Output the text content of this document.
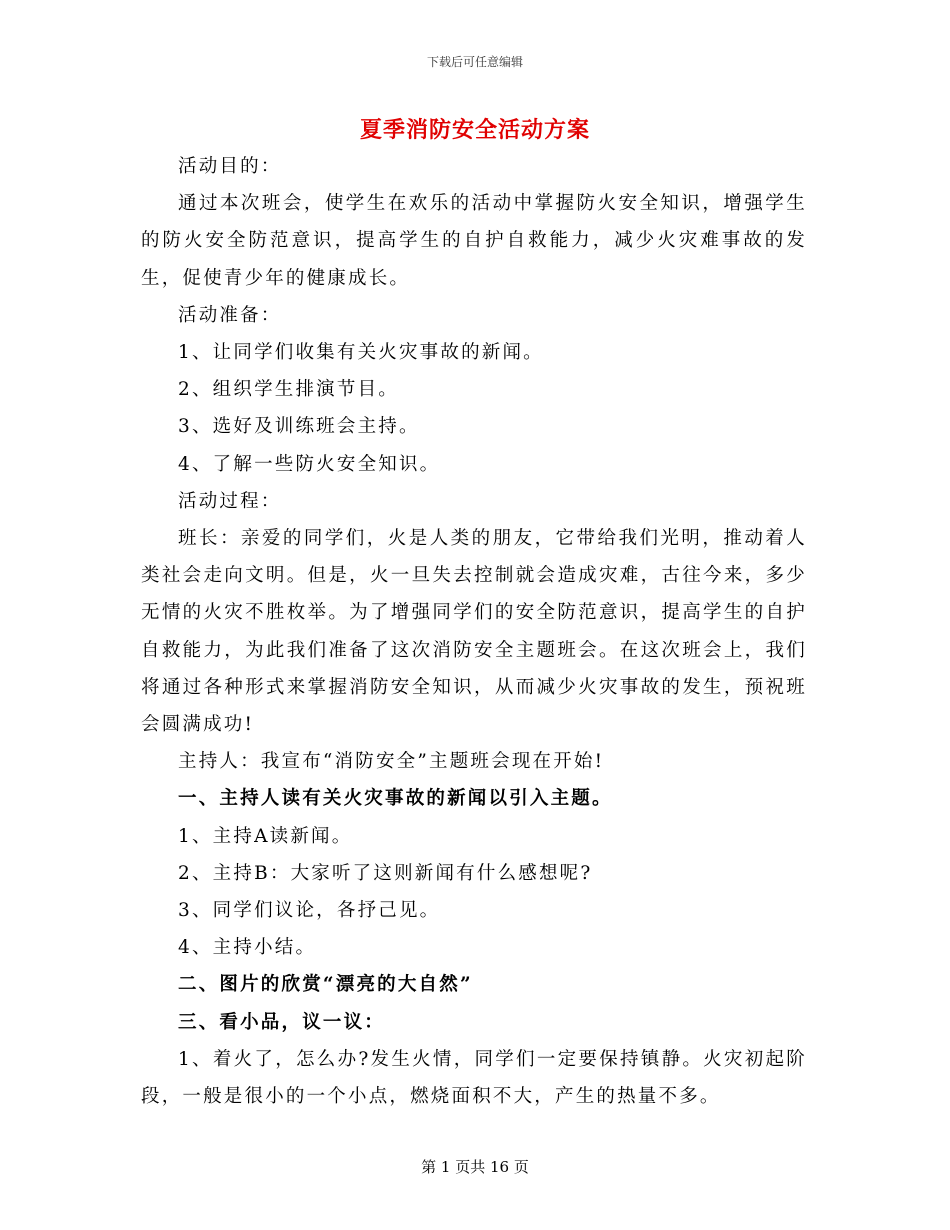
下载后可任意编辑
夏季消防安全活动方案

活动目的：

通过本次班会，使学生在欢乐的活动中掌握防火安全知识，增强学生的防火安全防范意识，提高学生的自护自救能力，减少火灾难事故的发生，促使青少年的健康成长。

活动准备：

1、让同学们收集有关火灾事故的新闻。

2、组织学生排演节目。

3、选好及训练班会主持。

4、了解一些防火安全知识。

活动过程：

班长：亲爱的同学们，火是人类的朋友，它带给我们光明，推动着人类社会走向文明。但是，火一旦失去控制就会造成灾难，古往今来，多少无情的火灾不胜枚举。为了增强同学们的安全防范意识，提高学生的自护自救能力，为此我们准备了这次消防安全主题班会。在这次班会上，我们将通过各种形式来掌握消防安全知识，从而减少火灾事故的发生，预祝班会圆满成功!

主持人：我宣布“消防安全”主题班会现在开始!

一、主持人读有关火灾事故的新闻以引入主题。

1、主持A读新闻。

2、主持B：大家听了这则新闻有什么感想呢?

3、同学们议论，各抒己见。

4、主持小结。

二、图片的欣赏“漂亮的大自然”

三、看小品，议一议：

1、着火了，怎么办?发生火情，同学们一定要保持镇静。火灾初起阶段，一般是很小的一个小点，燃烧面积不大，产生的热量不多。

第 1 页共 16 页
